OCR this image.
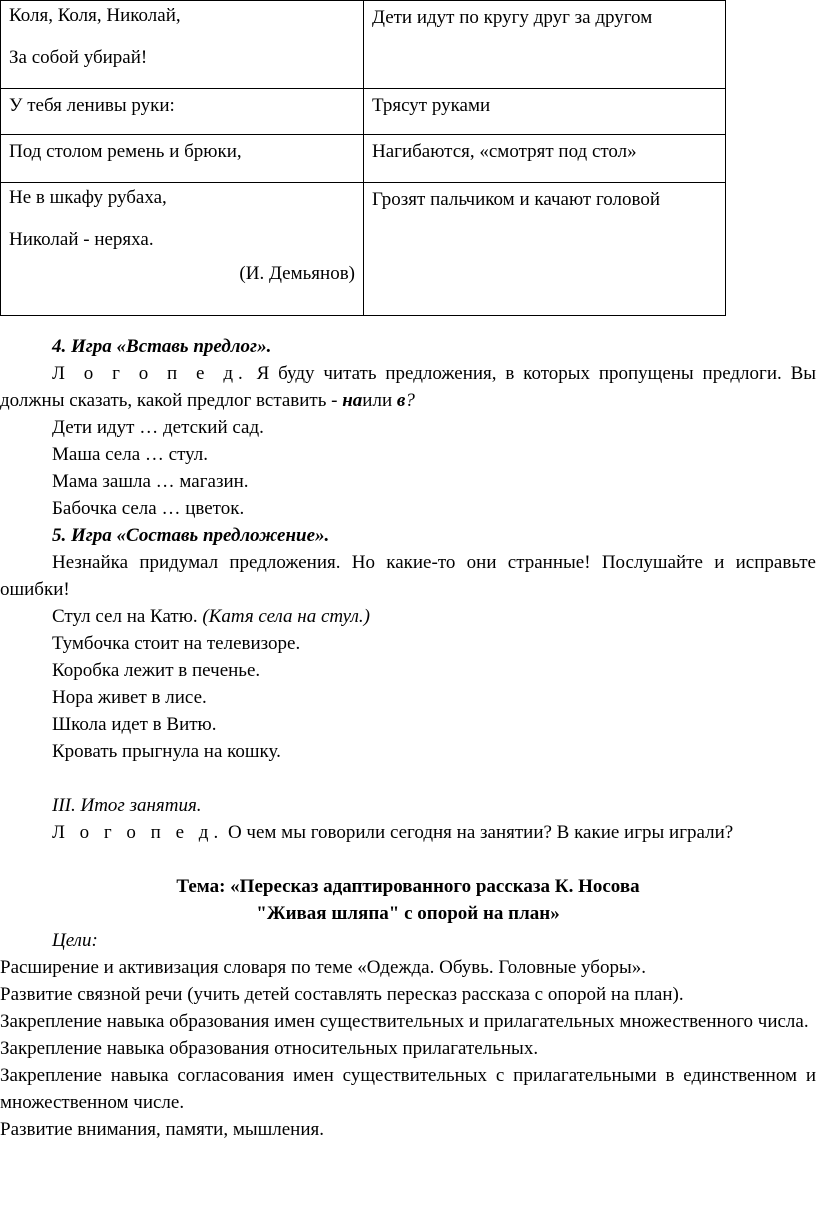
Коля, Коля, Николай,
За собой убирай!	Дети идут по кругу друг за другом
У тебя ленивы руки:	Трясут руками
Под столом ремень и брюки,	Нагибаются, «смотрят под стол»

Не в шкафу рубаха,
Николай - неряха.
(И. Демьянов)	Грозят пальчиком и качают головой

4. Игра «Вставь предлог».

Л о г о п е д. Я буду читать предложения, в которых пропущены предлоги. Вы должны сказать, какой предлог вставить - наили в?

Дети идут … детский сад.
Маша села … стул.
Мама зашла … магазин.
Бабочка села … цветок.

5. Игра «Составь предложение».

Незнайка придумал предложения. Но какие-то они странные! Послушайте и исправьте ошибки!

Стул сел на Катю. (Катя села на стул.)
Тумбочка стоит на телевизоре.
Коробка лежит в печенье.
Нора живет в лисе.
Школа идет в Витю.
Кровать прыгнула на кошку.
III. Итог занятия.
Л о г о п е д. О чем мы говорили сегодня на занятии? В какие игры играли?

Тема: «Пересказ адаптированного рассказа К. Носова

"Живая шляпа" с опорой на план»

Цели:

Расширение и активизация словаря по теме «Одежда. Обувь. Головные уборы».

Развитие связной речи (учить детей составлять пересказ рассказа с опорой на план).

Закрепление навыка образования имен существительных и прилагательных множественного числа.

Закрепление навыка образования относительных прилагательных.

Закрепление навыка согласования имен существительных с прилагательными в единственном и множественном числе.

Развитие внимания, памяти, мышления.
